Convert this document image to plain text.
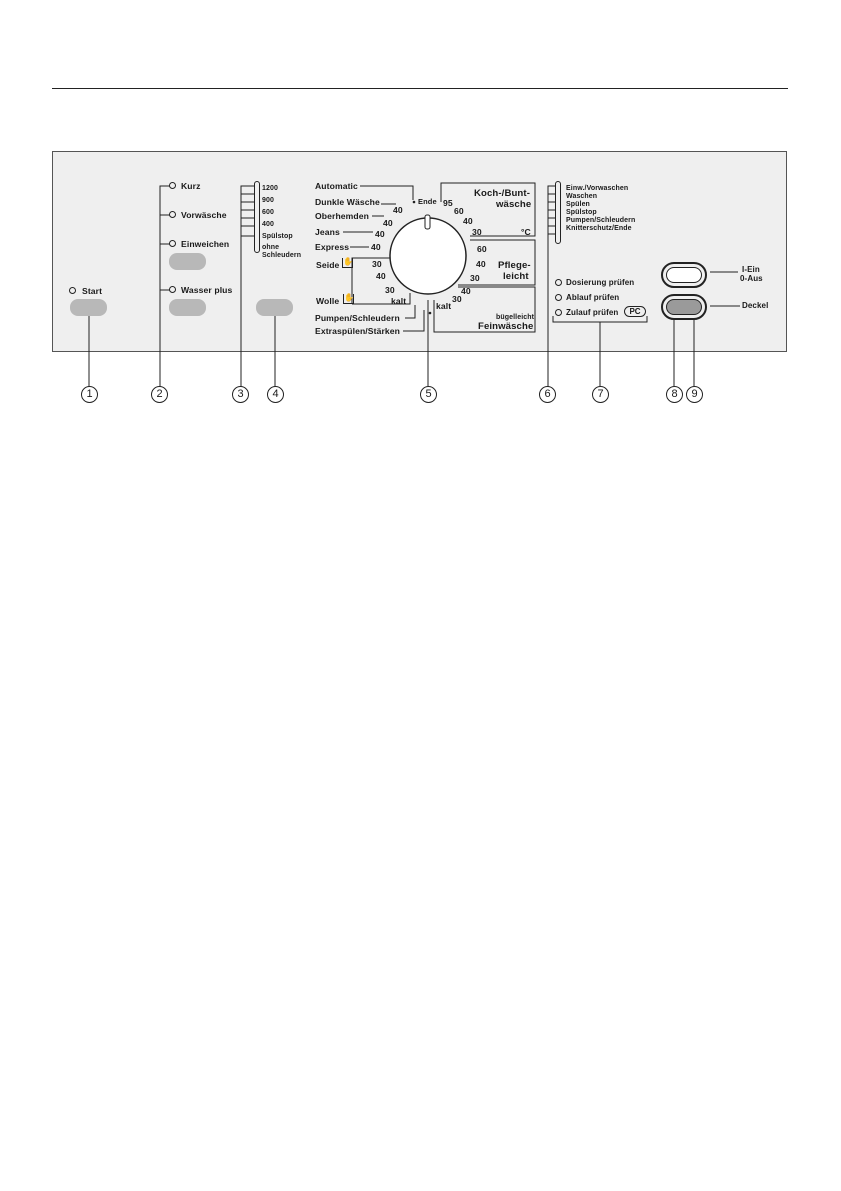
Start
Kurz
Vorwäsche
Einweichen
Wasser plus
1200
900
600
400
Spülstop
ohne
Schleudern
Automatic
Dunkle Wäsche
40
Oberhemden
40
Jeans	40
Express	40
Seide ✋ 30
40
30
Wolle ✋	kalt
Pumpen/Schleudern
Extraspülen/Stärken
Ende
Koch-/Bunt-
wäsche
95
60
40
30	°C
60
40
30
Pflege-
leicht
40
30
kalt
bügelleicht
Feinwäsche
Einw./Vorwaschen
Waschen
Spülen
Spülstop
Pumpen/Schleudern
Knitterschutz/Ende
Dosierung prüfen
Ablauf prüfen
Zulauf prüfen	PC
I-Ein
0-Aus
Deckel
1	2	3	4	5	6	7	8	9
